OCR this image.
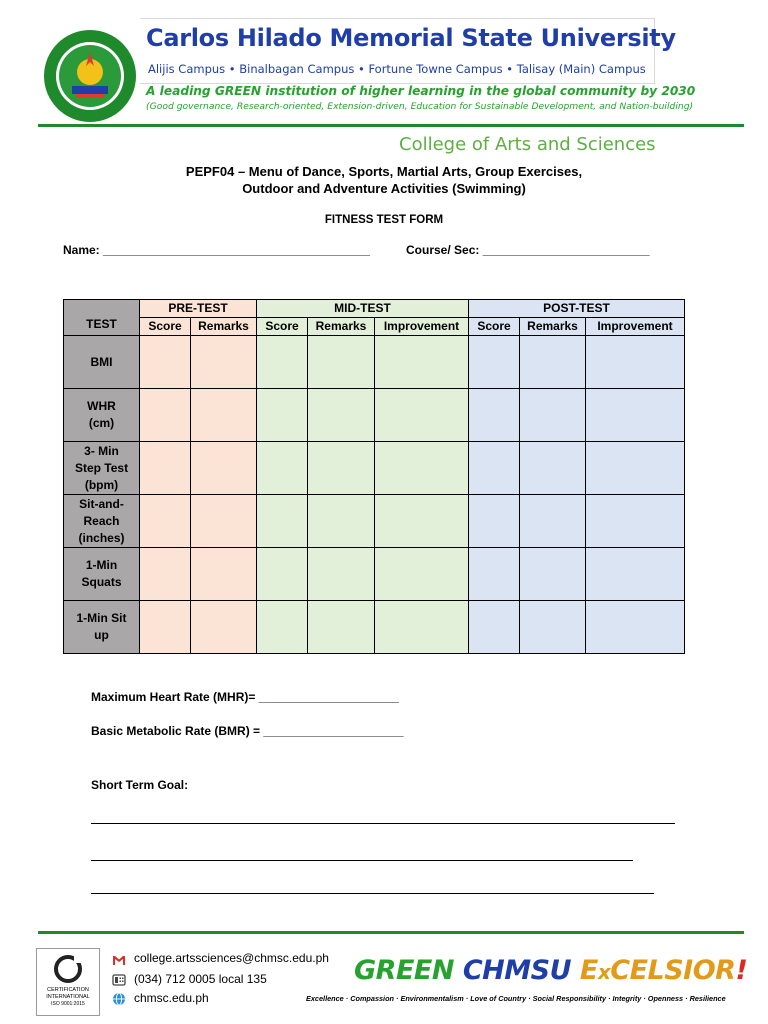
Carlos Hilado Memorial State University
Alijis Campus • Binalbagan Campus • Fortune Towne Campus • Talisay (Main) Campus
A leading GREEN institution of higher learning in the global community by 2030
(Good governance, Research-oriented, Extension-driven, Education for Sustainable Development, and Nation-building)
College of Arts and Sciences
PEPF04 – Menu of Dance, Sports, Martial Arts, Group Exercises,
Outdoor and Adventure Activities (Swimming)
FITNESS TEST FORM
Name: ________________________________________	Course/ Sec: _________________________
TEST	PRE-TEST		MID-TEST			POST-TEST		
	Score	Remarks	Score	Remarks	Improvement	Score	Remarks	Improvement

BMI								

WHR
(cm)								

3- Min
Step Test
(bpm)								

Sit-and-
Reach
(inches)								

1-Min
Squats								

1-Min Sit
up								

Maximum Heart Rate (MHR)= _____________________
Basic Metabolic Rate (BMR) = _____________________
Short Term Goal:
CERTIFICATION
INTERNATIONAL
ISO 9001:2015
college.artssciences@chmsc.edu.ph
(034) 712 0005 local 135
chmsc.edu.ph
GREEN CHMSU ExCELSIOR!
Excellence · Compassion · Environmentalism · Love of Country · Social Responsibility · Integrity · Openness · Resilience
